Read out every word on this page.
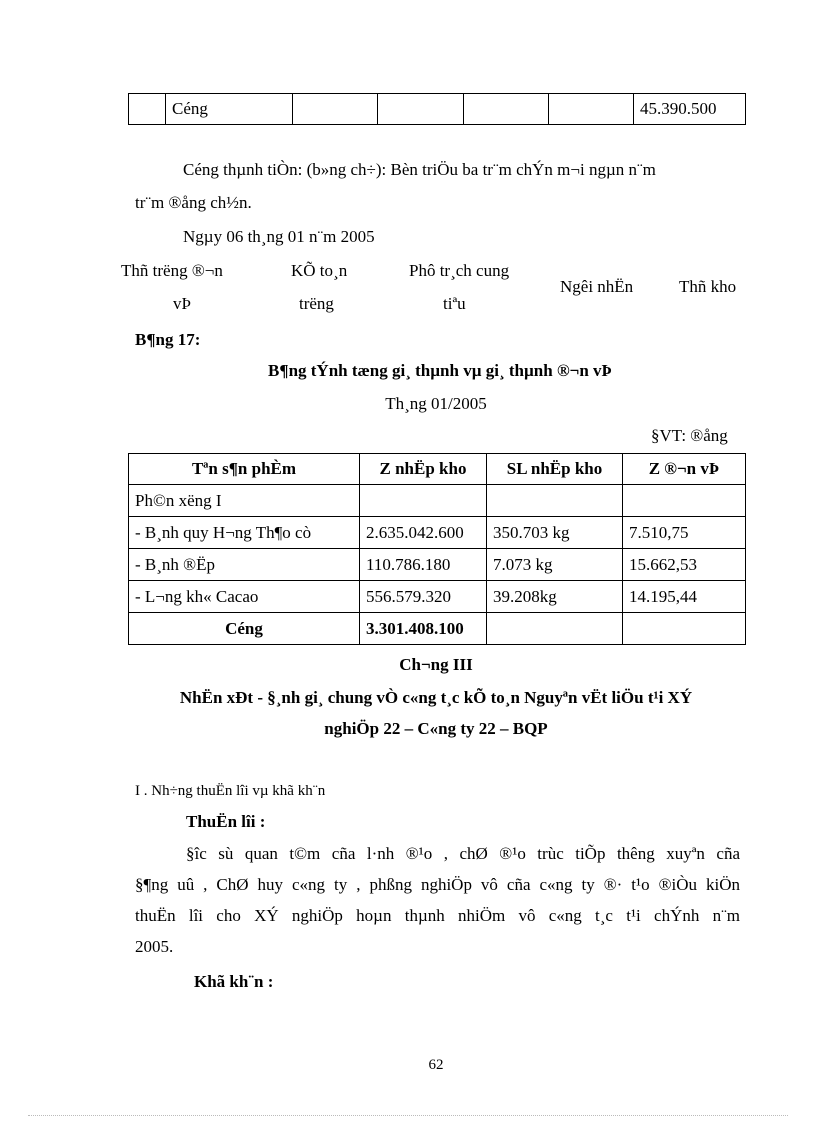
	Céng					45.390.500
Céng thµnh tiÒn: (b»ng ch÷): Bèn triÖu ba tr¨m chÝn m¬i ngµn n¨m
tr¨m ®ång ch½n.
Ngµy 06 th¸ng 01 n¨m 2005
Thñ trëng ®¬n
vÞ
KÕ to¸n
trëng
Phô tr¸ch cung
tiªu
Ngêi nhËn	Thñ kho
B¶ng 17:
B¶ng tÝnh tæng gi¸ thµnh vµ gi¸ thµnh ®¬n vÞ
Th¸ng 01/2005
§VT: ®ång
Tªn s¶n phÈm	Z nhËp kho	SL nhËp kho	Z ®¬n vÞ
Ph©n xëng I			
- B¸nh quy H¬ng Th¶o cò	2.635.042.600	350.703 kg	7.510,75
- B¸nh ®Ëp	110.786.180	7.073 kg	15.662,53
- L¬ng kh« Cacao	556.579.320	39.208kg	14.195,44
Céng	3.301.408.100		
Ch¬ng III
NhËn xÐt - §¸nh gi¸ chung vÒ c«ng t¸c kÕ to¸n Nguyªn vËt liÖu t¹i XÝ
nghiÖp 22 – C«ng ty 22 – BQP
I . Nh÷ng thuËn lîi vµ khã kh¨n
ThuËn lîi :
§îc sù quan t©m cña l·nh ®¹o , chØ ®¹o trùc tiÕp thêng xuyªn cña
§¶ng uû , ChØ huy c«ng ty , phßng nghiÖp vô cña c«ng ty ®· t¹o ®iÒu kiÖn
thuËn lîi cho XÝ nghiÖp hoµn thµnh nhiÖm vô c«ng t¸c t¹i chÝnh n¨m
2005.
Khã kh¨n :
62
